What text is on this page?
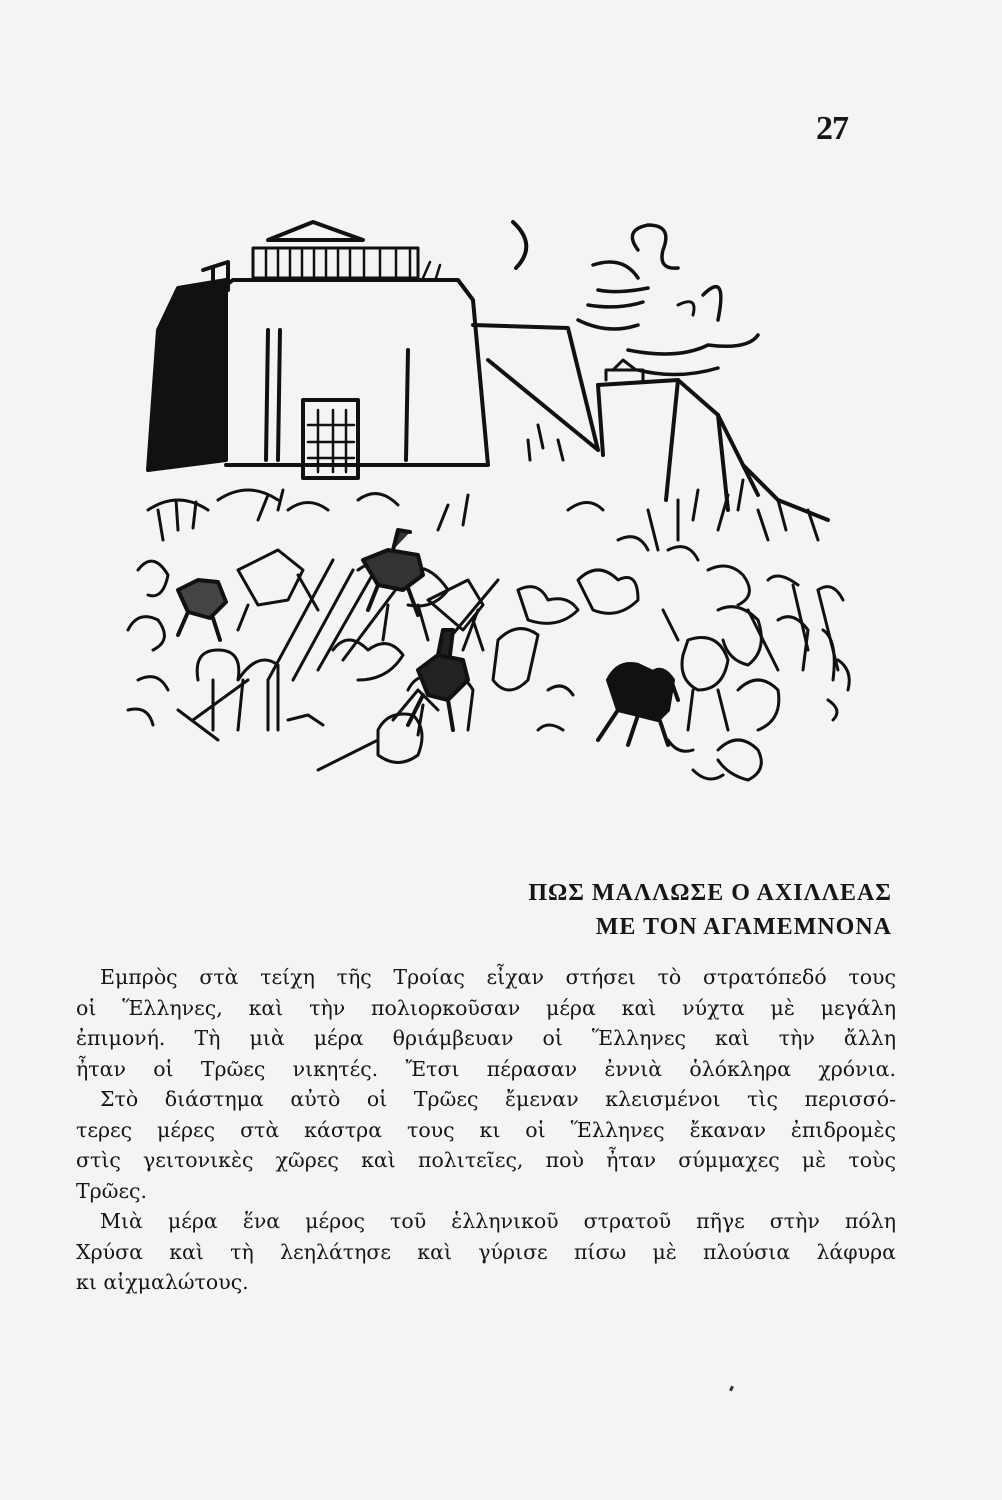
27
ΠΩΣ ΜΑΛΛΩΣΕ Ο ΑΧΙΛΛΕΑΣ
ΜΕ ΤΟΝ ΑΓΑΜΕΜΝΟΝΑ
Εμπρὸς στὰ τείχη τῆς Τροίας εἶχαν στήσει τὸ στρατόπεδό τους
οἱ Ἕλληνες, καὶ τὴν πολιορκοῦσαν μέρα καὶ νύχτα μὲ μεγάλη
ἐπιμονή. Τὴ μιὰ μέρα θριάμβευαν οἱ Ἕλληνες καὶ τὴν ἄλλη
ἦταν οἱ Τρῶες νικητές. Ἔτσι πέρασαν ἐννιὰ ὁλόκληρα χρόνια.
Στὸ διάστημα αὐτὸ οἱ Τρῶες ἔμεναν κλεισμένοι τὶς περισσό-
τερες μέρες στὰ κάστρα τους κι οἱ Ἕλληνες ἔκαναν ἐπιδρομὲς
στὶς γειτονικὲς χῶρες καὶ πολιτεῖες, ποὺ ἦταν σύμμαχες μὲ τοὺς
Τρῶες.
Μιὰ μέρα ἕνα μέρος τοῦ ἑλληνικοῦ στρατοῦ πῆγε στὴν πόλη
Χρύσα καὶ τὴ λεηλάτησε καὶ γύρισε πίσω μὲ πλούσια λάφυρα
κι αἰχμαλώτους.
